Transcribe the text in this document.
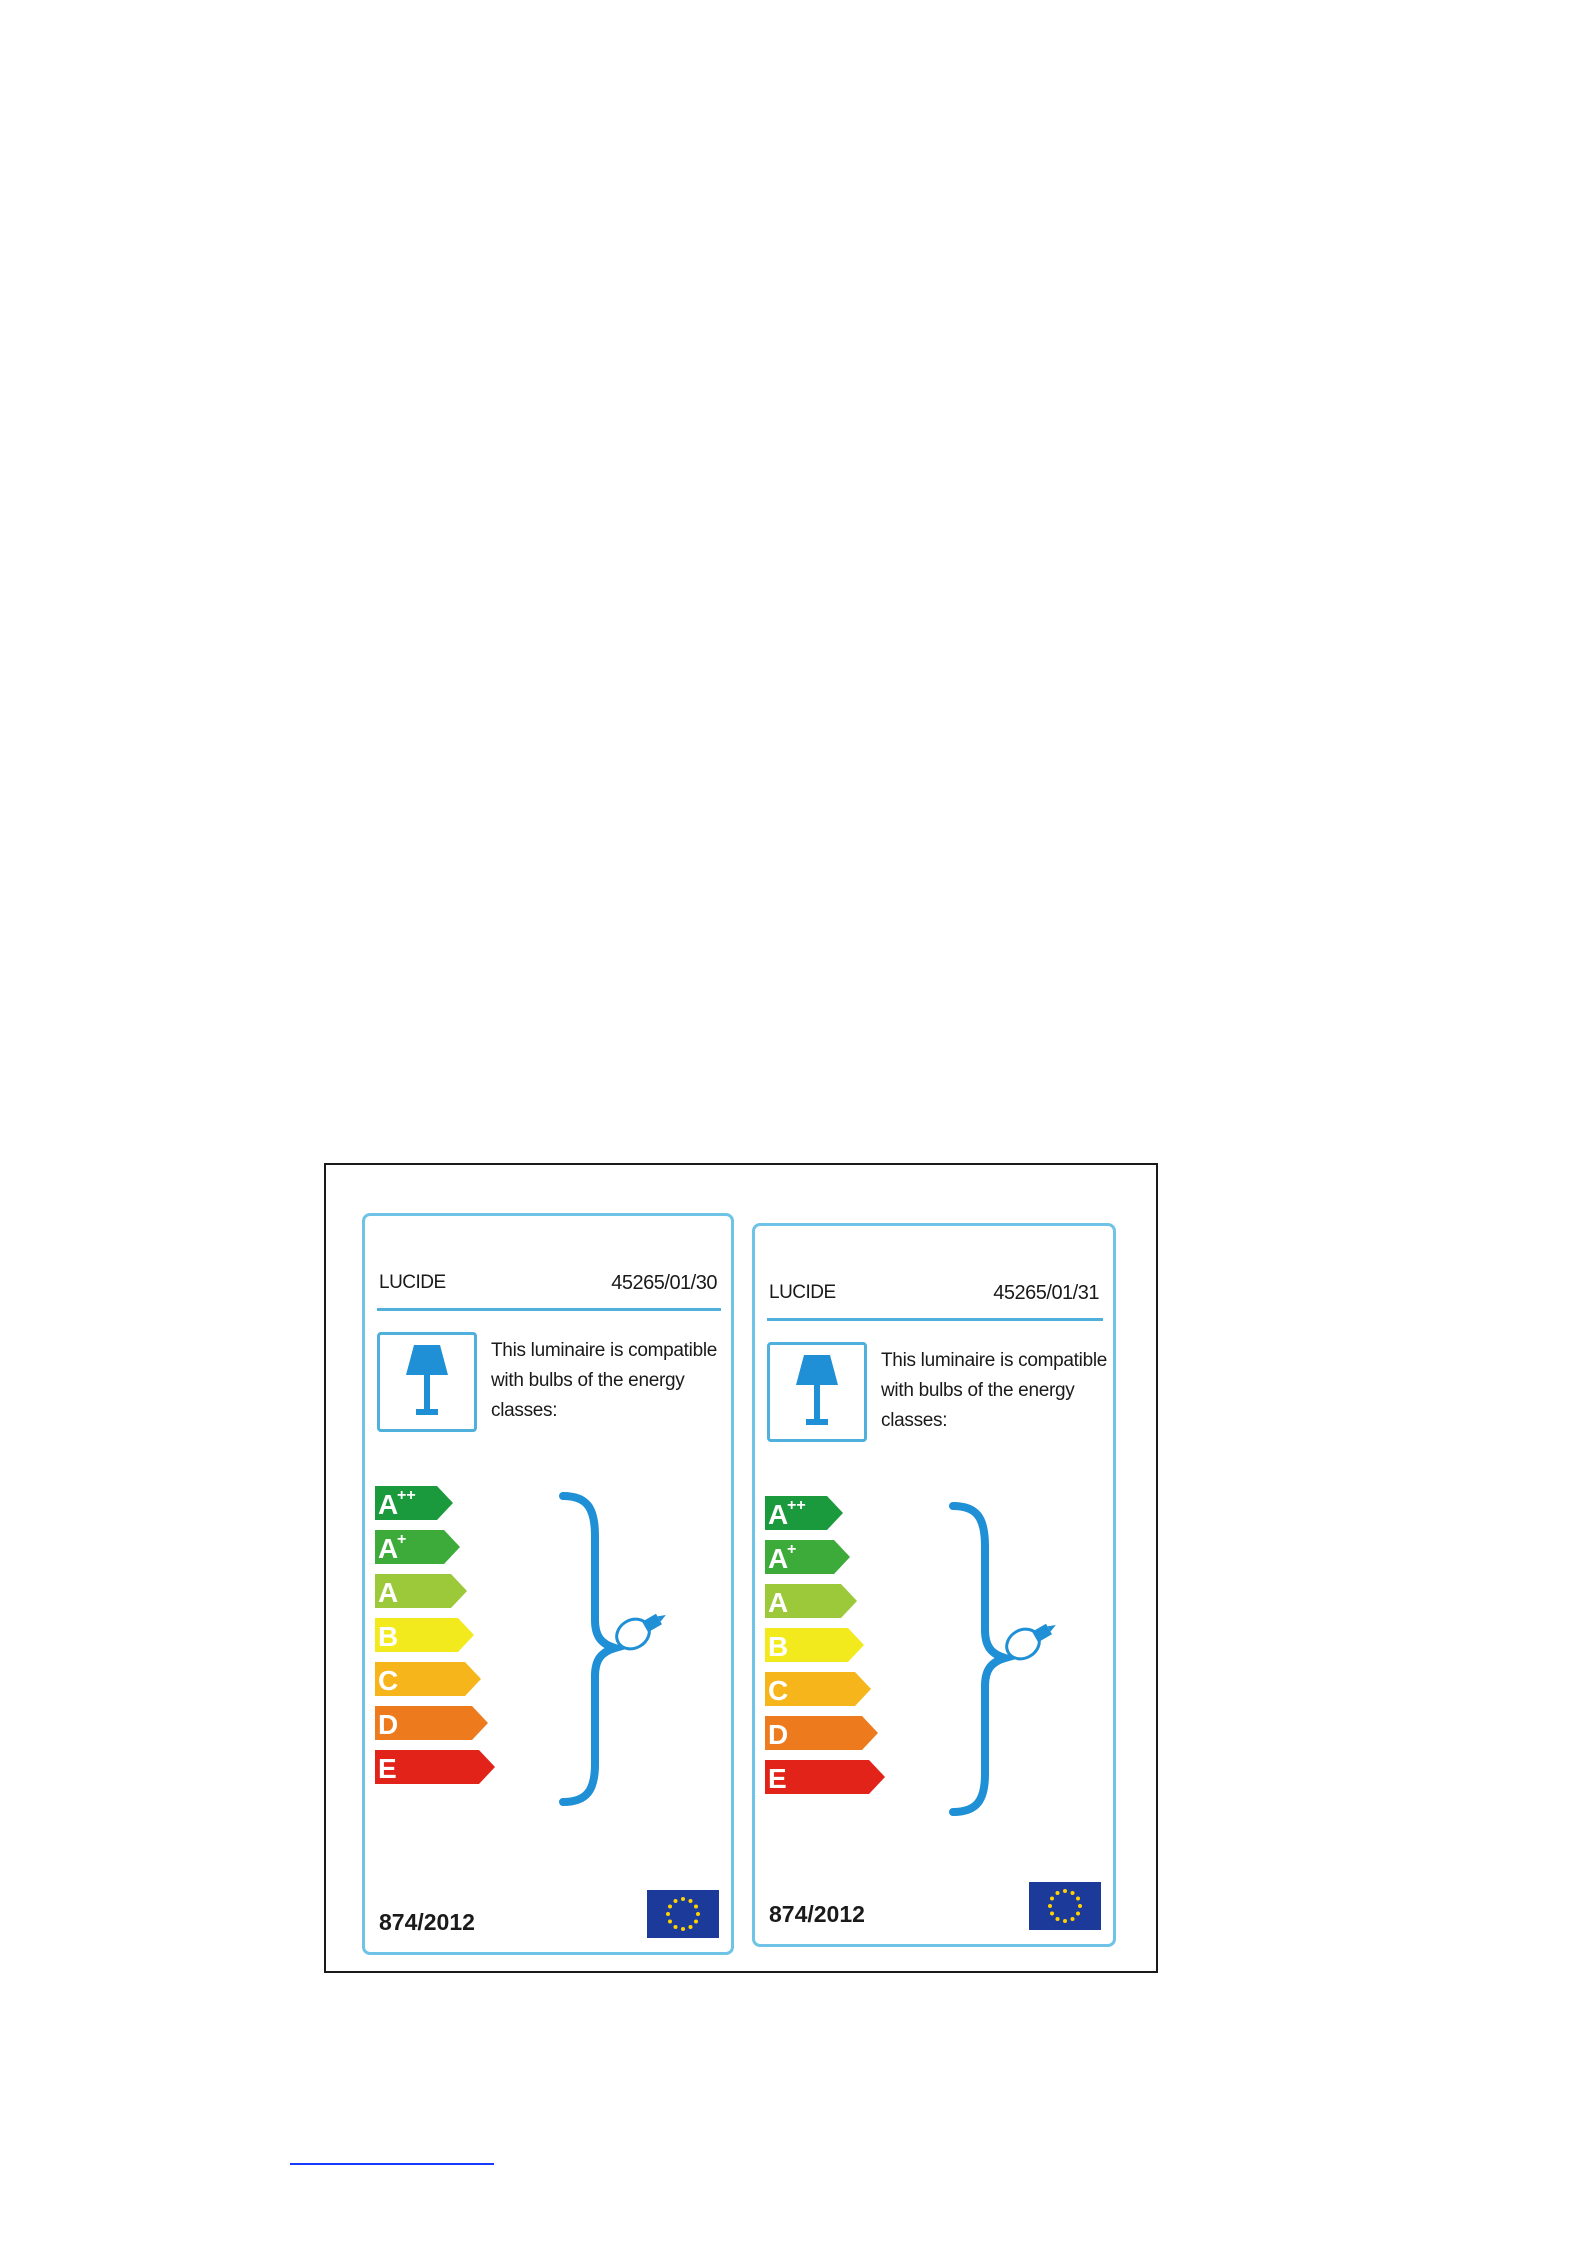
LUCIDE	45265/01/30
This luminaire is compatible with bulbs of the energy classes:
A
++
A
+
A
B
C
D
E
874/2012
LUCIDE	45265/01/31
This luminaire is compatible with bulbs of the energy classes:
A
++
A
+
A
B
C
D
E
874/2012
